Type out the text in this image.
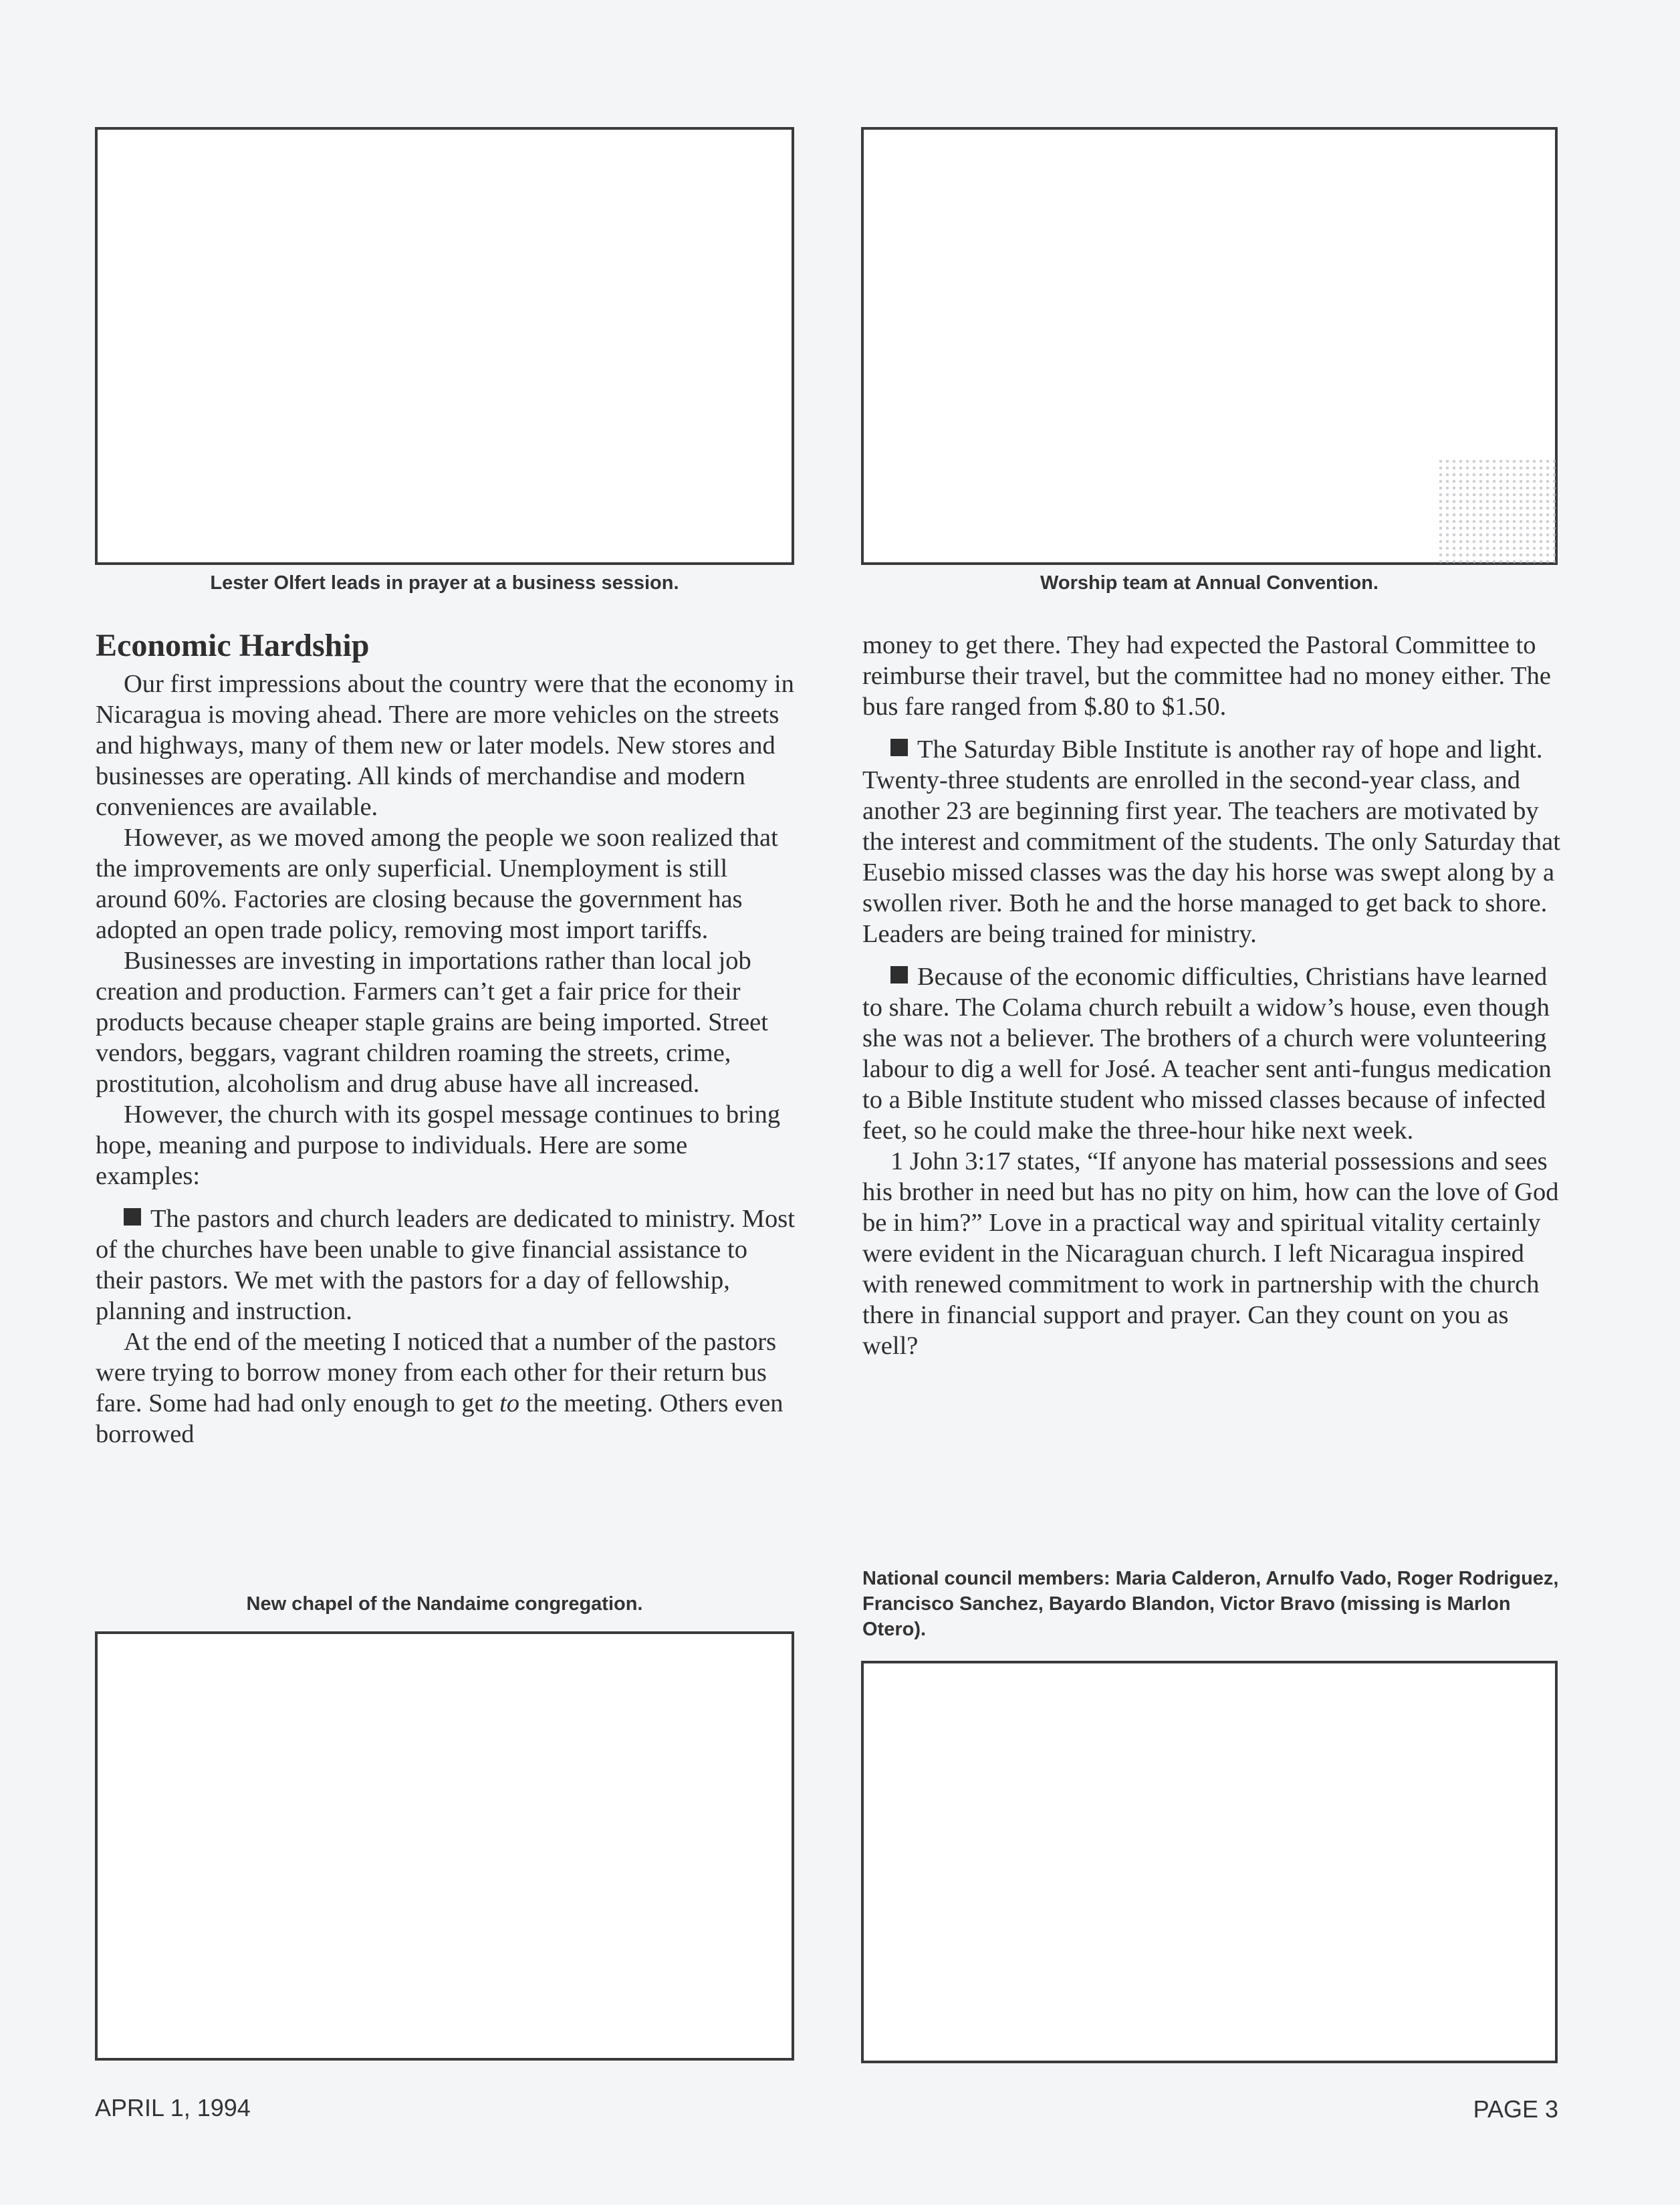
Lester Olfert leads in prayer at a business session.	Worship team at Annual Convention.
Economic Hardship

Our first impressions about the country were that the economy in Nicaragua is moving ahead. There are more vehicles on the streets and highways, many of them new or later models. New stores and businesses are operating. All kinds of merchandise and modern conveniences are available.

However, as we moved among the people we soon realized that the improvements are only superficial. Unemployment is still around 60%. Factories are closing because the government has adopted an open trade policy, removing most import tariffs.

Businesses are investing in importations rather than local job creation and production. Farmers can’t get a fair price for their products because cheaper staple grains are being imported. Street vendors, beggars, vagrant children roaming the streets, crime, prostitution, alcoholism and drug abuse have all increased.

However, the church with its gospel message continues to bring hope, meaning and purpose to individuals. Here are some examples:

The pastors and church leaders are dedicated to ministry. Most of the churches have been unable to give financial assistance to their pastors. We met with the pastors for a day of fellowship, planning and instruction.

At the end of the meeting I noticed that a number of the pastors were trying to borrow money from each other for their return bus fare. Some had had only enough to get to the meeting. Others even borrowed

money to get there. They had expected the Pastoral Committee to reimburse their travel, but the committee had no money either. The bus fare ranged from $.80 to $1.50.

The Saturday Bible Institute is another ray of hope and light. Twenty-three students are enrolled in the second-year class, and another 23 are beginning first year. The teachers are motivated by the interest and commitment of the students. The only Saturday that Eusebio missed classes was the day his horse was swept along by a swollen river. Both he and the horse managed to get back to shore. Leaders are being trained for ministry.

Because of the economic difficulties, Christians have learned to share. The Colama church rebuilt a widow’s house, even though she was not a believer. The brothers of a church were volunteering labour to dig a well for José. A teacher sent anti-fungus medication to a Bible Institute student who missed classes because of infected feet, so he could make the three-hour hike next week.

1 John 3:17 states, “If anyone has material possessions and sees his brother in need but has no pity on him, how can the love of God be in him?” Love in a practical way and spiritual vitality certainly were evident in the Nicaraguan church. I left Nicaragua inspired with renewed commitment to work in partnership with the church there in financial support and prayer. Can they count on you as well?

New chapel of the Nandaime congregation.
National council members: Maria Calderon, Arnulfo Vado, Roger Rodriguez, Francisco Sanchez, Bayardo Blandon, Victor Bravo (missing is Marlon Otero).
APRIL 1, 1994	PAGE 3
